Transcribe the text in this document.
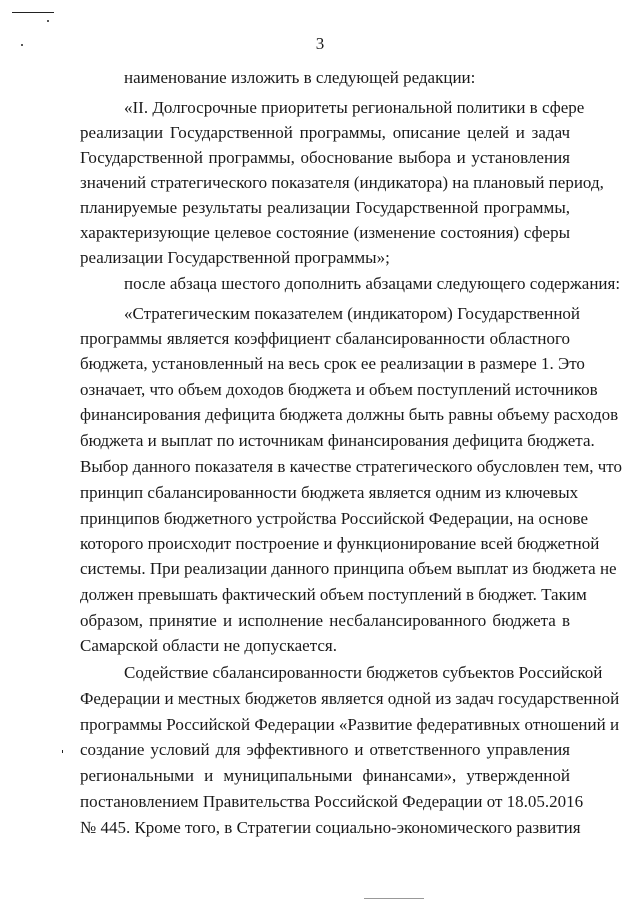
3
наименование изложить в следующей редакции:
«II. Долгосрочные приоритеты региональной политики в сфере
реализации Государственной программы, описание целей и задач
Государственной программы, обоснование выбора и установления
значений стратегического показателя (индикатора) на плановый период,
планируемые результаты реализации Государственной программы,
характеризующие целевое состояние (изменение состояния) сферы
реализации Государственной программы»;
после абзаца шестого дополнить абзацами следующего содержания:
«Стратегическим показателем (индикатором) Государственной
программы является коэффициент сбалансированности областного
бюджета, установленный на весь срок ее реализации в размере 1. Это
означает, что объем доходов бюджета и объем поступлений источников
финансирования дефицита бюджета должны быть равны объему расходов
бюджета и выплат по источникам финансирования дефицита бюджета.
Выбор данного показателя в качестве стратегического обусловлен тем, что
принцип сбалансированности бюджета является одним из ключевых
принципов бюджетного устройства Российской Федерации, на основе
которого происходит построение и функционирование всей бюджетной
системы. При реализации данного принципа объем выплат из бюджета не
должен превышать фактический объем поступлений в бюджет. Таким
образом, принятие и исполнение несбалансированного бюджета в
Самарской области не допускается.
Содействие сбалансированности бюджетов субъектов Российской
Федерации и местных бюджетов является одной из задач государственной
программы Российской Федерации «Развитие федеративных отношений и
создание условий для эффективного и ответственного управления
региональными и муниципальными финансами», утвержденной
постановлением Правительства Российской Федерации от 18.05.2016
№ 445. Кроме того, в Стратегии социально-экономического развития
